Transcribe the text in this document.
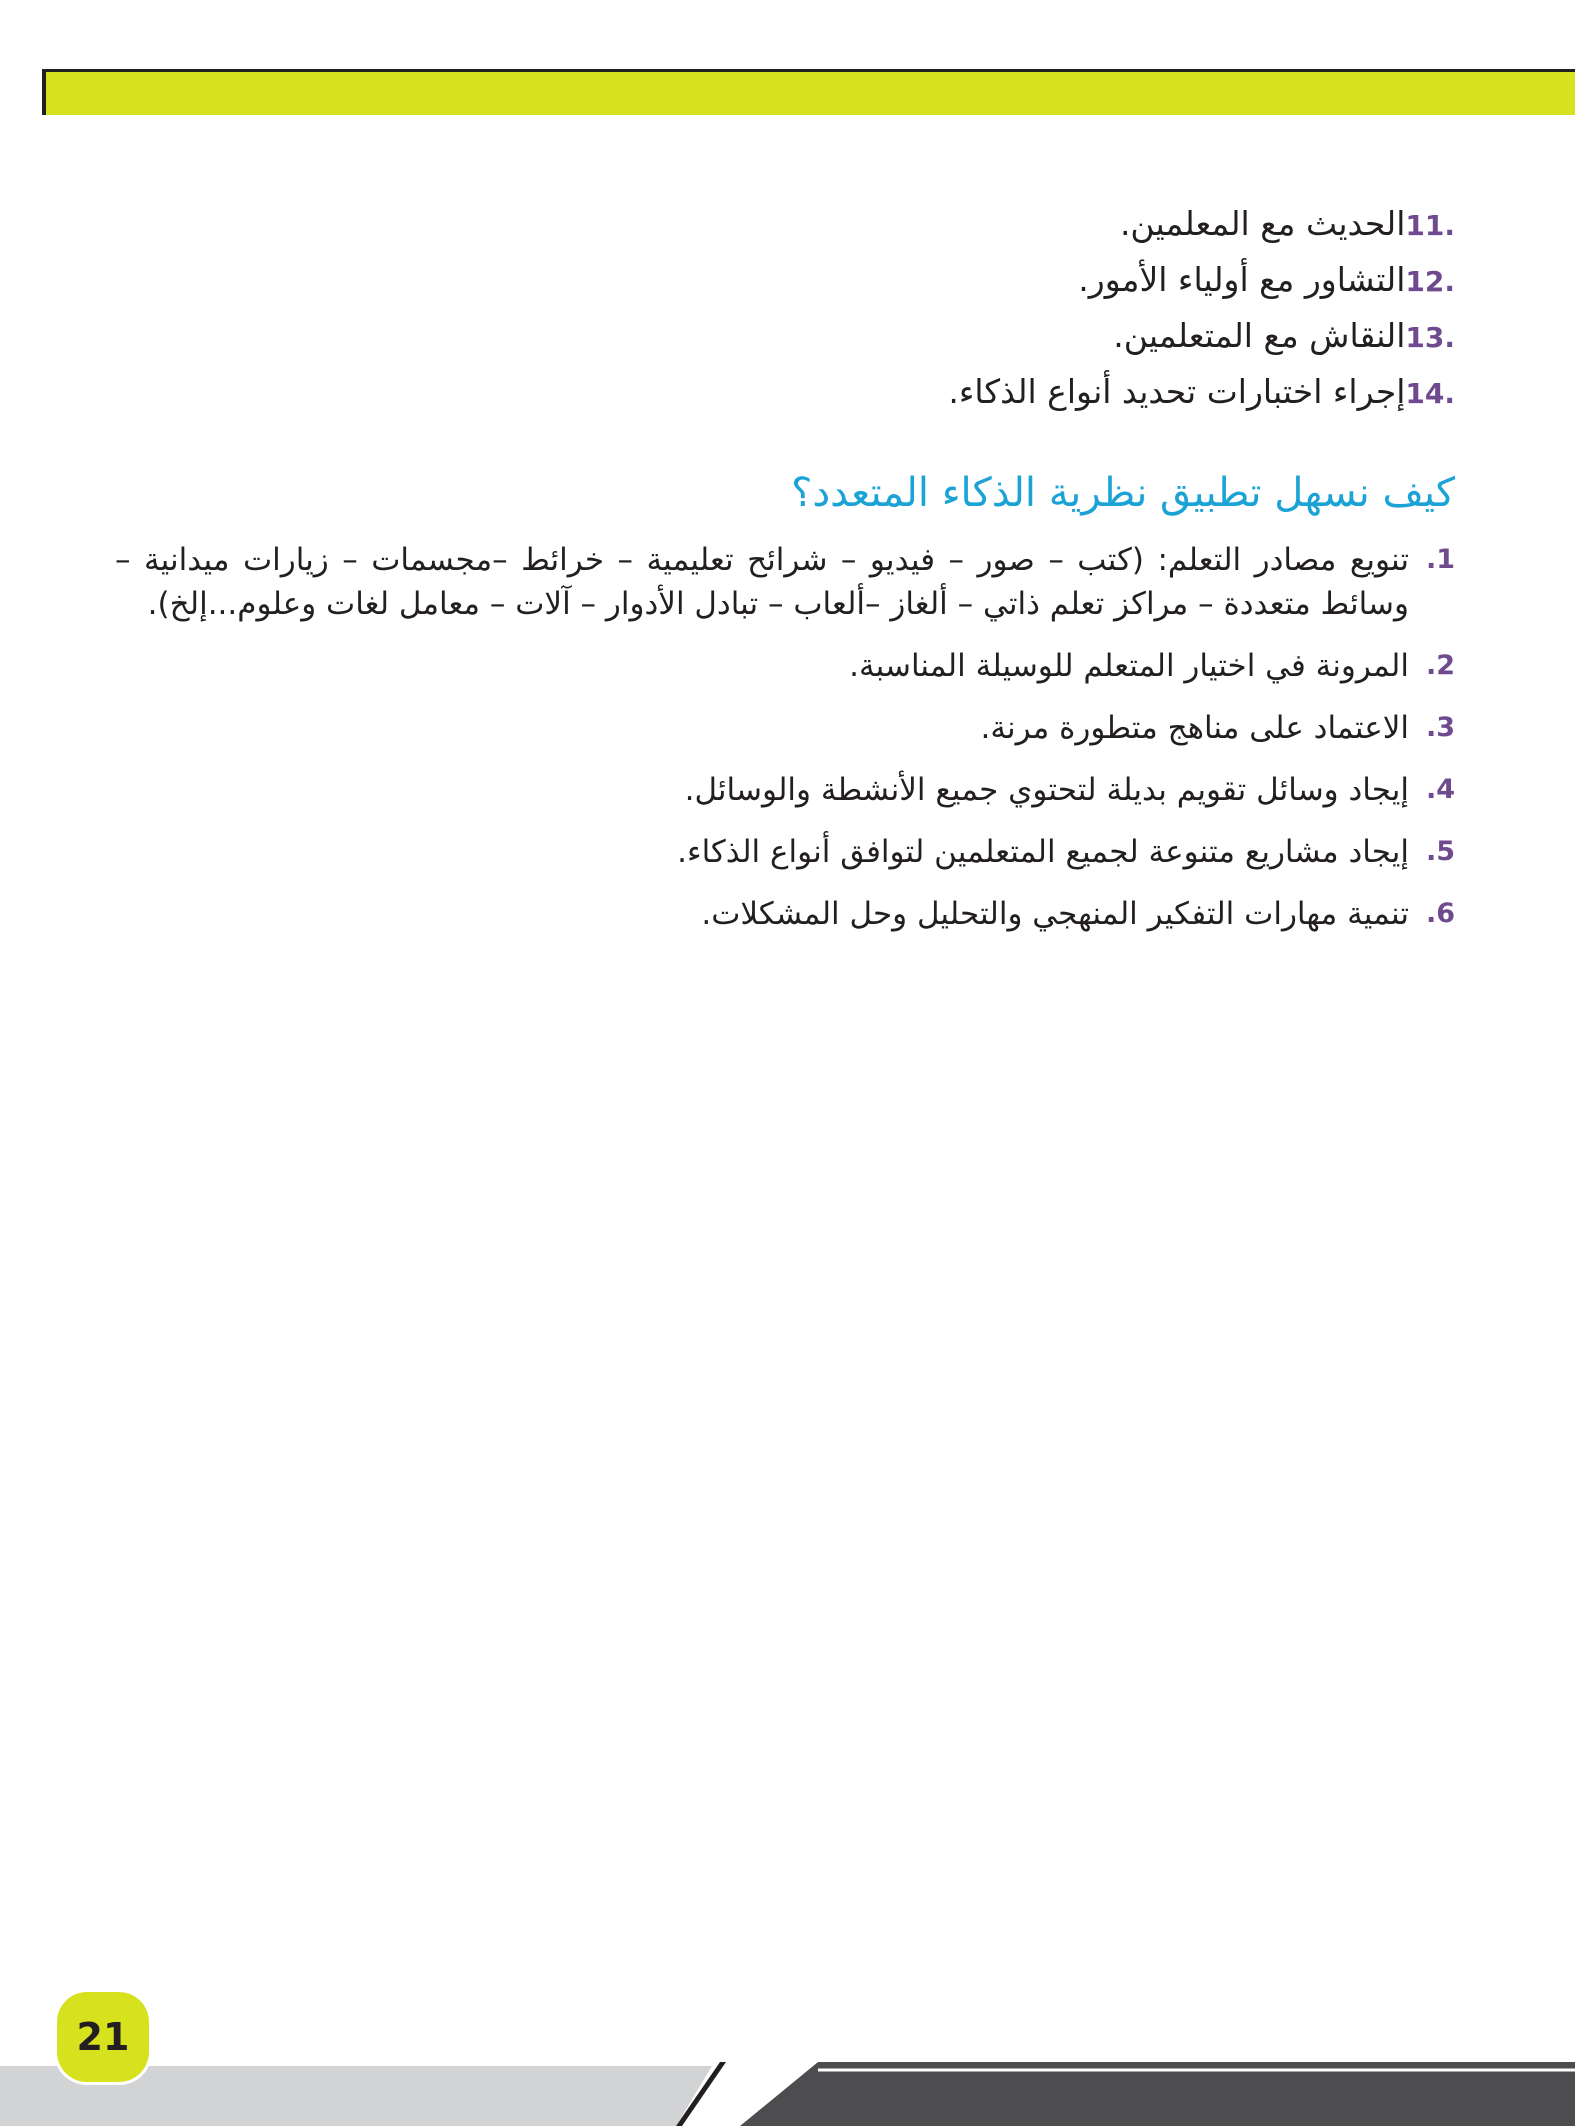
11.الحديث مع المعلمين.
12.التشاور مع أولياء الأمور.
13.النقاش مع المتعلمين.
14.إجراء اختبارات تحديد أنواع الذكاء.
كيف نسهل تطبيق نظرية الذكاء المتعدد؟
1.
تنويع مصادر التعلم: (كتب – صور – فيديو – شرائح تعليمية – خرائط –مجسمات – زيارات ميدانية – وسائط متعددة – مراكز تعلم ذاتي – ألغاز –ألعاب – تبادل الأدوار – آلات – معامل لغات وعلوم...إلخ).
2.
المرونة في اختيار المتعلم للوسيلة المناسبة.
3.
الاعتماد على مناهج متطورة مرنة.
4.
إيجاد وسائل تقويم بديلة لتحتوي جميع الأنشطة والوسائل.
5.
إيجاد مشاريع متنوعة لجميع المتعلمين لتوافق أنواع الذكاء.
6.
تنمية مهارات التفكير المنهجي والتحليل وحل المشكلات.
21
